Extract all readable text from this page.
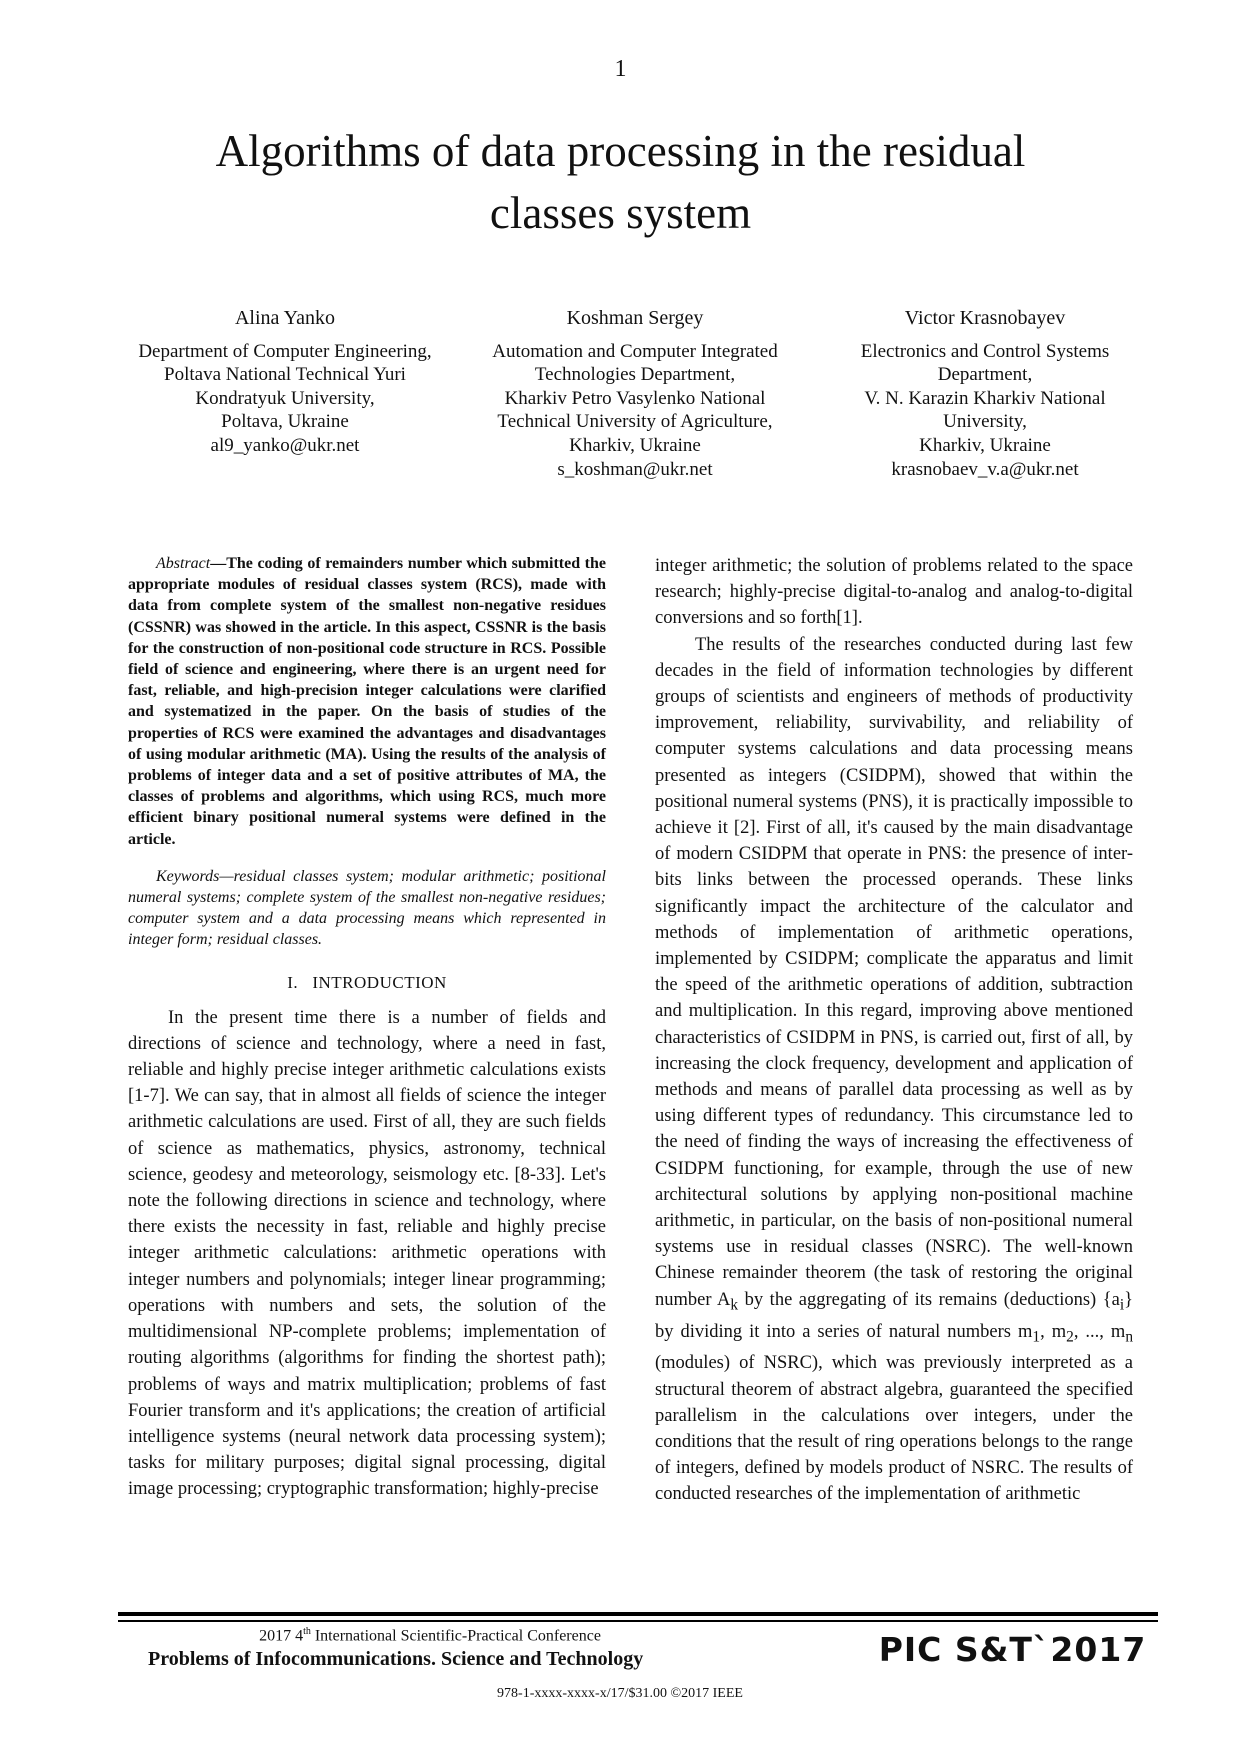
1
Algorithms of data processing in the residual classes system
Alina Yanko
Department of Computer Engineering,
Poltava National Technical Yuri
Kondratyuk University,
Poltava, Ukraine
al9_yanko@ukr.net
Koshman Sergey
Automation and Computer Integrated
Technologies Department,
Kharkiv Petro Vasylenko National
Technical University of Agriculture,
Kharkiv, Ukraine
s_koshman@ukr.net
Victor Krasnobayev
Electronics and Control Systems
Department,
V. N. Karazin Kharkiv National
University,
Kharkiv, Ukraine
krasnobaev_v.a@ukr.net

Abstract—The coding of remainders number which submitted the appropriate modules of residual classes system (RCS), made with data from complete system of the smallest non-negative residues (CSSNR) was showed in the article. In this aspect, CSSNR is the basis for the construction of non-positional code structure in RCS. Possible field of science and engineering, where there is an urgent need for fast, reliable, and high-precision integer calculations were clarified and systematized in the paper. On the basis of studies of the properties of RCS were examined the advantages and disadvantages of using modular arithmetic (MA). Using the results of the analysis of problems of integer data and a set of positive attributes of MA, the classes of problems and algorithms, which using RCS, much more efficient binary positional numeral systems were defined in the article.

Keywords—residual classes system; modular arithmetic; positional numeral systems; complete system of the smallest non-negative residues; computer system and a data processing means which represented in integer form; residual classes.

I. INTRODUCTION

In the present time there is a number of fields and directions of science and technology, where a need in fast, reliable and highly precise integer arithmetic calculations exists [1-7]. We can say, that in almost all fields of science the integer arithmetic calculations are used. First of all, they are such fields of science as mathematics, physics, astronomy, technical science, geodesy and meteorology, seismology etc. [8-33]. Let's note the following directions in science and technology, where there exists the necessity in fast, reliable and highly precise integer arithmetic calculations: arithmetic operations with integer numbers and polynomials; integer linear programming; operations with numbers and sets, the solution of the multidimensional NP-complete problems; implementation of routing algorithms (algorithms for finding the shortest path); problems of ways and matrix multiplication; problems of fast Fourier transform and it's applications; the creation of artificial intelligence systems (neural network data processing system); tasks for military purposes; digital signal processing, digital image processing; cryptographic transformation; highly-precise

integer arithmetic; the solution of problems related to the space research; highly-precise digital-to-analog and analog-to-digital conversions and so forth[1].

The results of the researches conducted during last few decades in the field of information technologies by different groups of scientists and engineers of methods of productivity improvement, reliability, survivability, and reliability of computer systems calculations and data processing means presented as integers (CSIDPM), showed that within the positional numeral systems (PNS), it is practically impossible to achieve it [2]. First of all, it's caused by the main disadvantage of modern CSIDPM that operate in PNS: the presence of inter-bits links between the processed operands. These links significantly impact the architecture of the calculator and methods of implementation of arithmetic operations, implemented by CSIDPM; complicate the apparatus and limit the speed of the arithmetic operations of addition, subtraction and multiplication. In this regard, improving above mentioned characteristics of CSIDPM in PNS, is carried out, first of all, by increasing the clock frequency, development and application of methods and means of parallel data processing as well as by using different types of redundancy. This circumstance led to the need of finding the ways of increasing the effectiveness of CSIDPM functioning, for example, through the use of new architectural solutions by applying non-positional machine arithmetic, in particular, on the basis of non-positional numeral systems use in residual classes (NSRC). The well-known Chinese remainder theorem (the task of restoring the original number $A_k$ by the aggregating of its remains (deductions) $\{a_i\}$ by dividing it into a series of natural numbers $m_1$, $m_2$, ..., $m_n$ (modules) of NSRC), which was previously interpreted as a structural theorem of abstract algebra, guaranteed the specified parallelism in the calculations over integers, under the conditions that the result of ring operations belongs to the range of integers, defined by models product of NSRC. The results of conducted researches of the implementation of arithmetic

2017 4th International Scientific-Practical Conference
Problems of Infocommunications. Science and Technology
978-1-xxxx-xxxx-x/17/$31.00 ©2017 IEEE
PIC S&T`2017
